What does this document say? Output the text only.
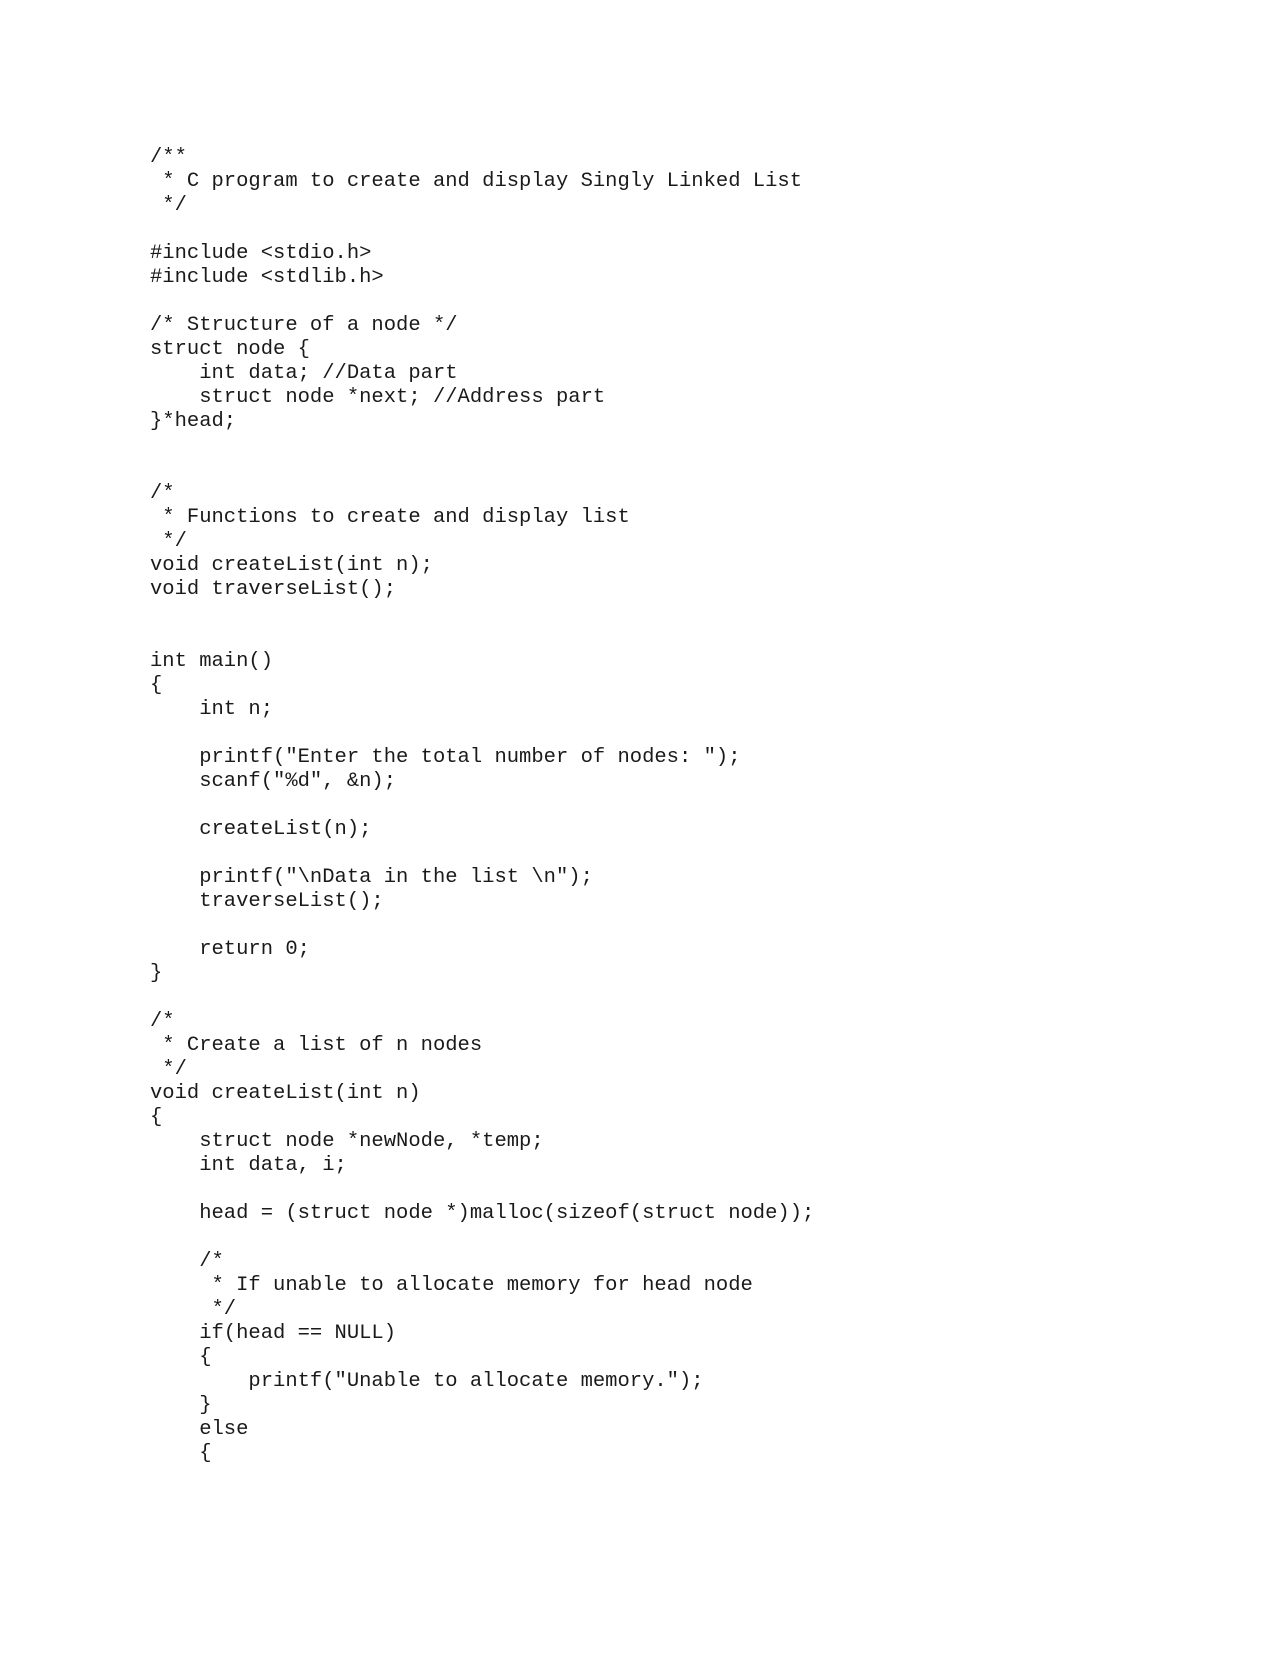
/**
* C program to create and display Singly Linked List
*/
#include <stdio.h>
#include <stdlib.h>
/* Structure of a node */
struct node {
int data; //Data part
struct node *next; //Address part
}*head;
/*
* Functions to create and display list
*/
void createList(int n);
void traverseList();
int main()
{
int n;
printf("Enter the total number of nodes: ");
scanf("%d", &n);
createList(n);
printf("\nData in the list \n");
traverseList();
return 0;
}
/*
* Create a list of n nodes
*/
void createList(int n)
{
struct node *newNode, *temp;
int data, i;
head = (struct node *)malloc(sizeof(struct node));
/*
* If unable to allocate memory for head node
*/
if(head == NULL)
{
printf("Unable to allocate memory.");
}
else
{
